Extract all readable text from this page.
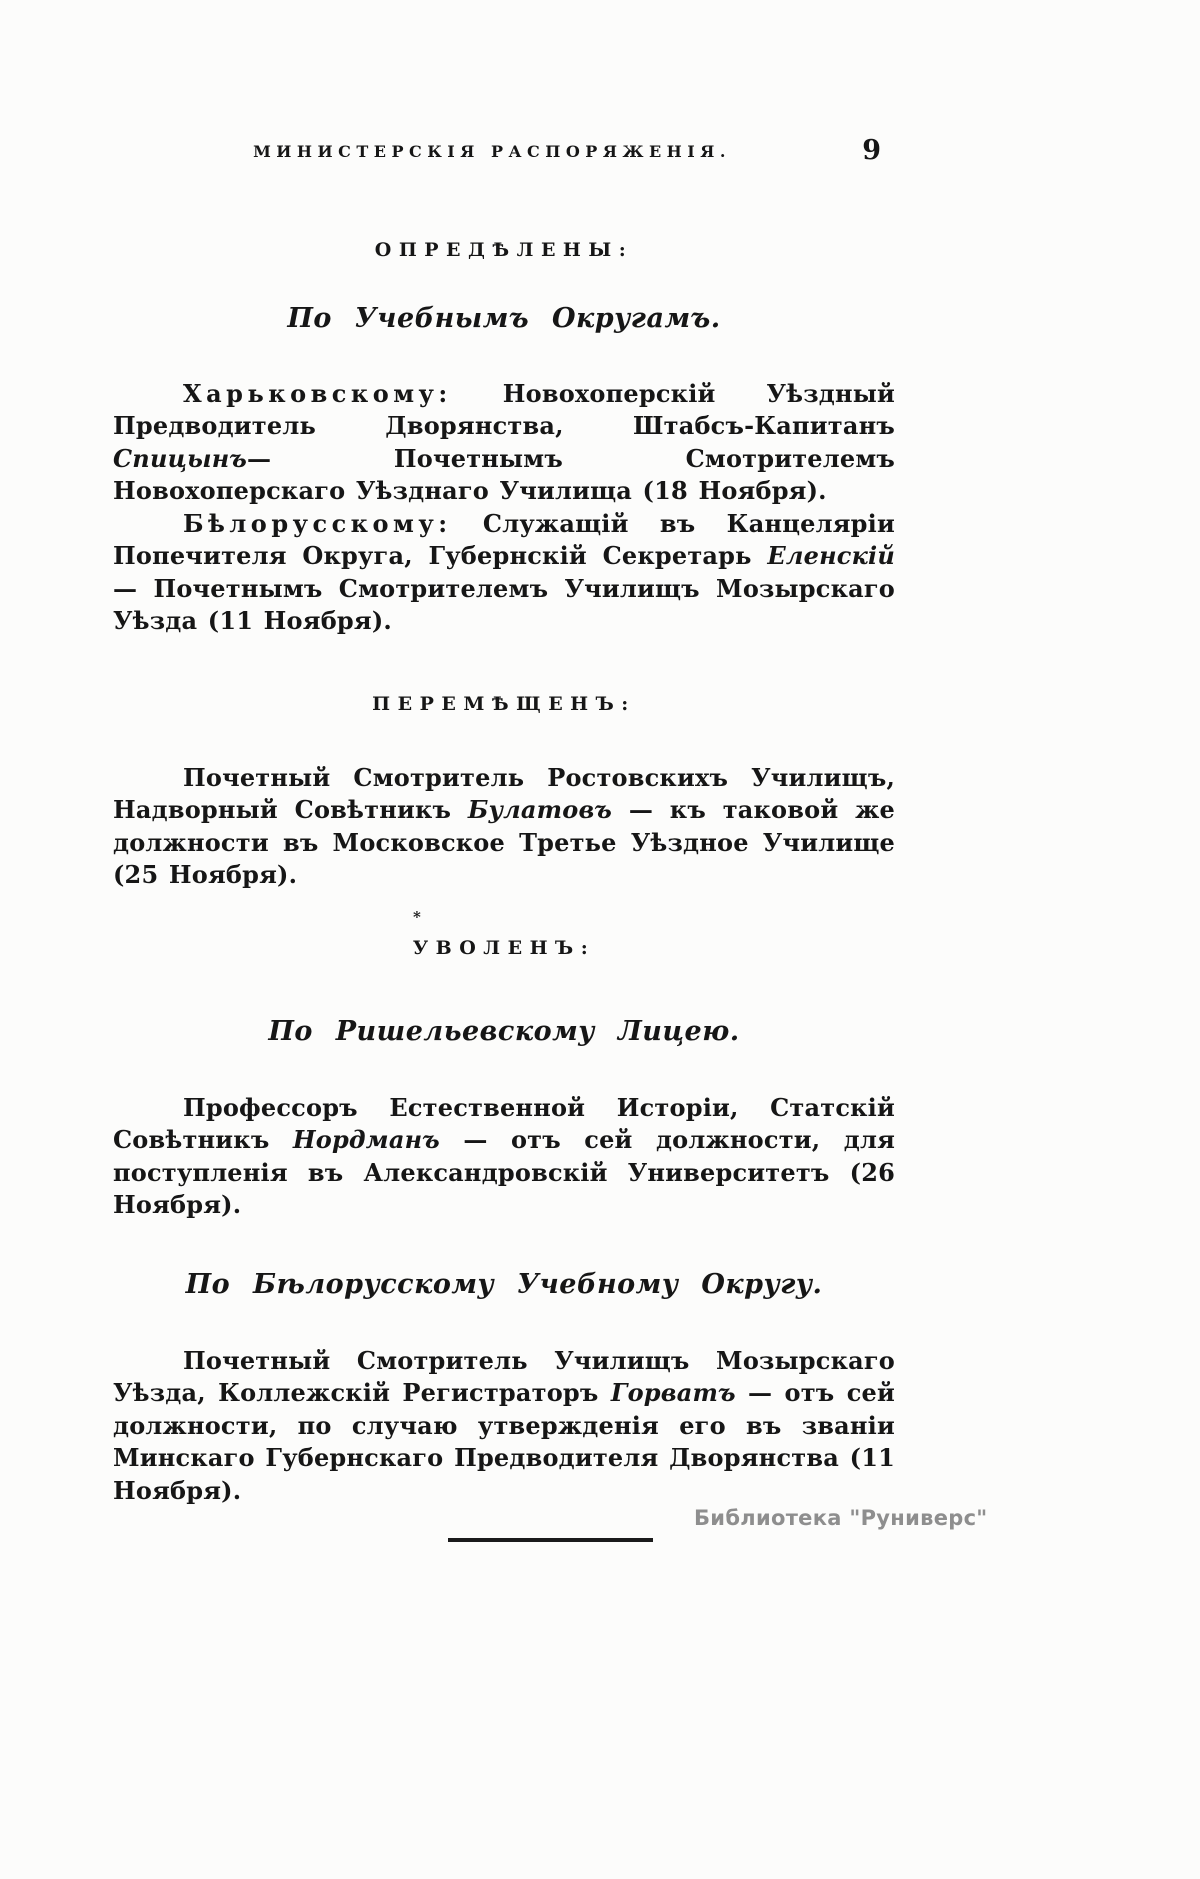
МИНИСТЕРСКІЯ РАСПОРЯЖЕНІЯ.	9
ОПРЕДѢЛЕНЫ:
По Учебнымъ Округамъ.

Харьковскому: Новохоперскій Уѣздный Предводитель Дворянства, Штабсъ-Капитанъ Спицынъ— Почетнымъ Смотрителемъ Новохоперскаго Уѣзднаго Училища (18 Ноября).

Бѣлорусскому: Служащій въ Канцеляріи Попечителя Округа, Губернскій Секретарь Еленскій — Почетнымъ Смотрителемъ Училищъ Мозырскаго Уѣзда (11 Ноября).

ПЕРЕМѢЩЕНЪ:

Почетный Смотритель Ростовскихъ Училищъ, Надворный Совѣтникъ Булатовъ — къ таковой же должности въ Московское Третье Уѣздное Училище (25 Ноября).

*
УВОЛЕНЪ:
По Ришельевскому Лицею.

Профессоръ Естественной Исторіи, Статскій Совѣтникъ Нордманъ — отъ сей должности, для поступленія въ Александровскій Университетъ (26 Ноября).

По Бѣлорусскому Учебному Округу.

Почетный Смотритель Училищъ Мозырскаго Уѣзда, Коллежскій Регистраторъ Горватъ — отъ сей должности, по случаю утвержденія его въ званіи Минскаго Губернскаго Предводителя Дворянства (11 Ноября).

Библиотека "Руниверс"
